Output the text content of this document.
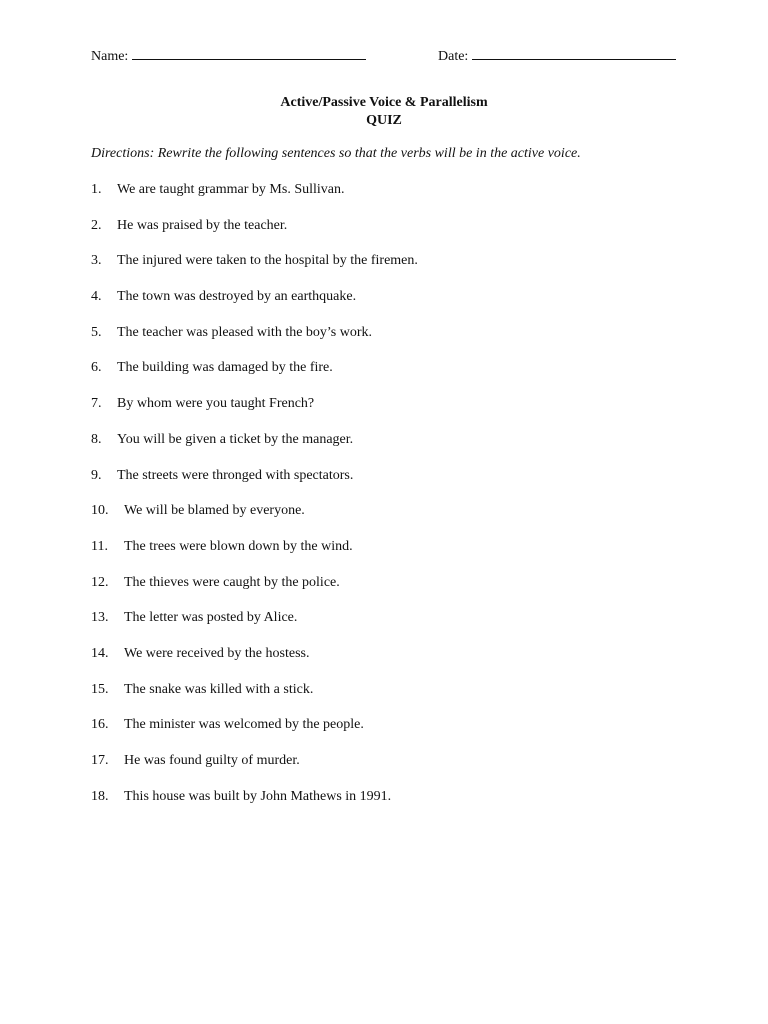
Name:	Date:
Active/Passive Voice & Parallelism
QUIZ
Directions: Rewrite the following sentences so that the verbs will be in the active voice.
1. We are taught grammar by Ms. Sullivan.
2. He was praised by the teacher.
3. The injured were taken to the hospital by the firemen.
4. The town was destroyed by an earthquake.
5. The teacher was pleased with the boy’s work.
6. The building was damaged by the fire.
7. By whom were you taught French?
8. You will be given a ticket by the manager.
9. The streets were thronged with spectators.
10. We will be blamed by everyone.
11. The trees were blown down by the wind.
12. The thieves were caught by the police.
13. The letter was posted by Alice.
14. We were received by the hostess.
15. The snake was killed with a stick.
16. The minister was welcomed by the people.
17. He was found guilty of murder.
18. This house was built by John Mathews in 1991.
